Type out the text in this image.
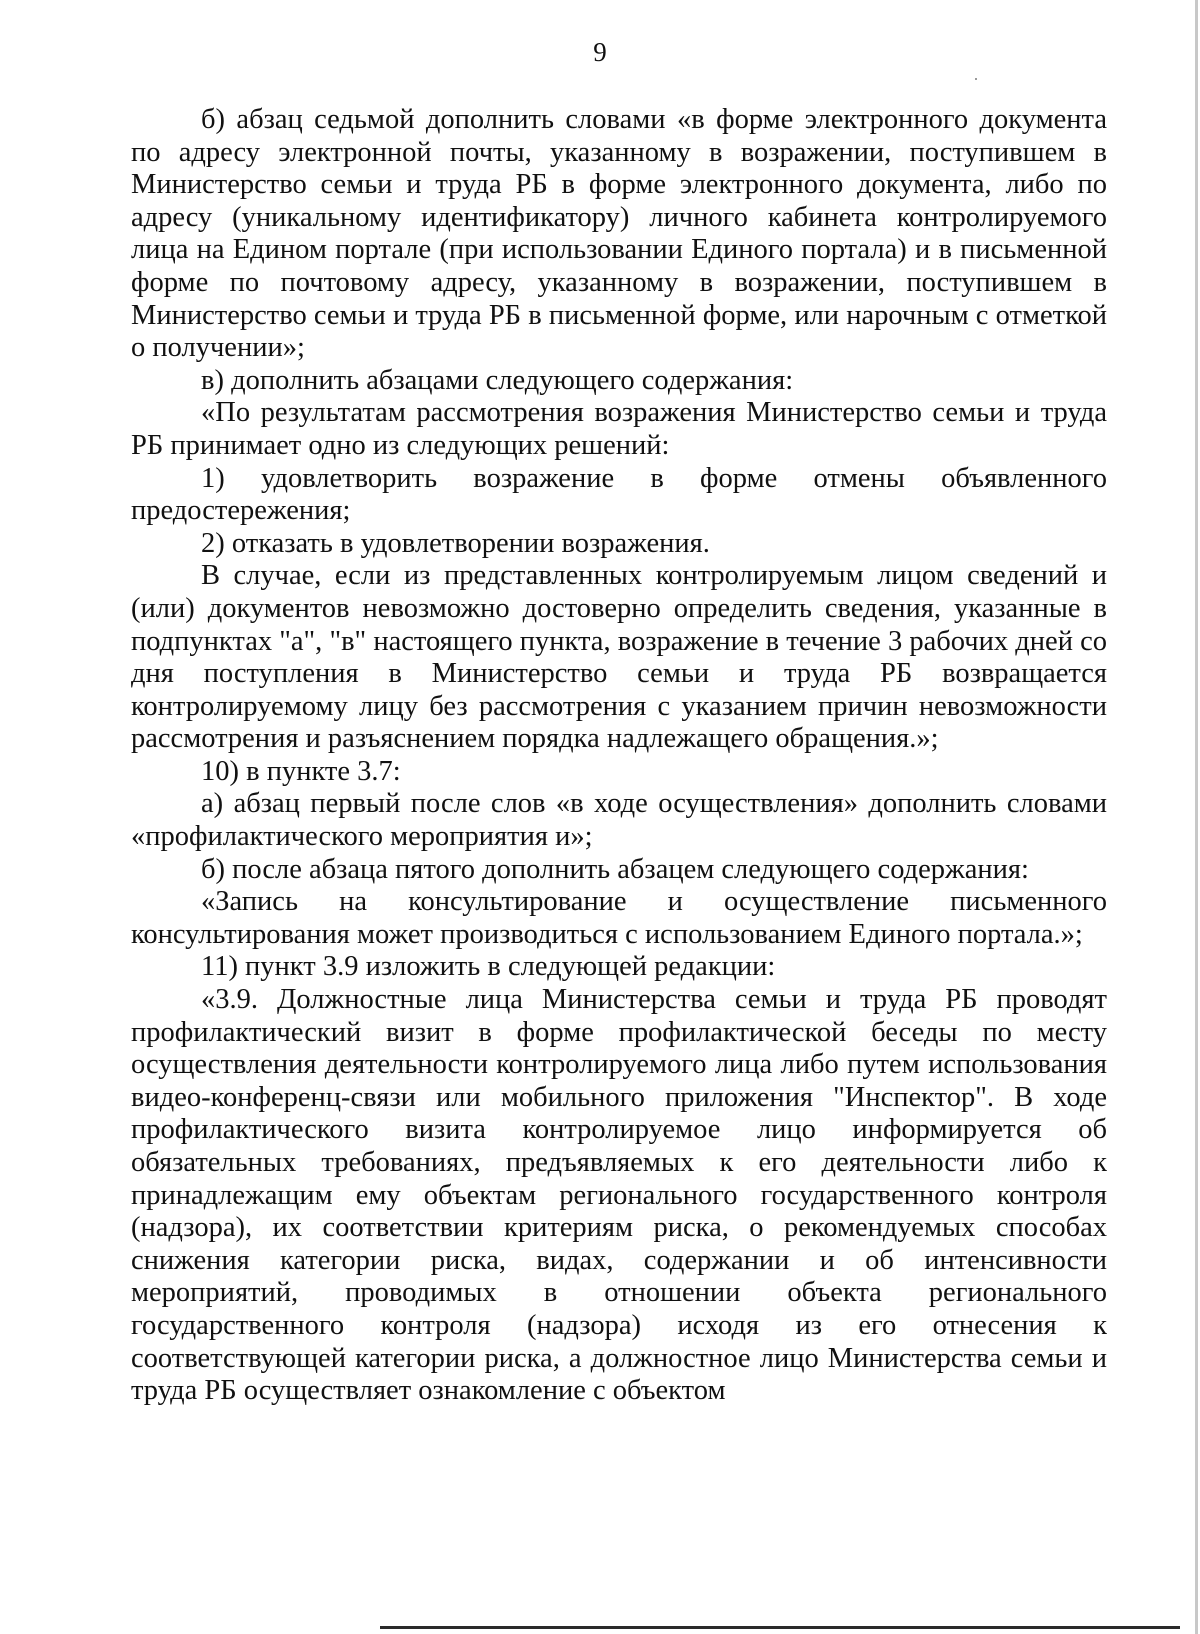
9

б) абзац седьмой дополнить словами «в форме электронного документа по адресу электронной почты, указанному в возражении, поступившем в Министерство семьи и труда РБ в форме электронного документа, либо по адресу (уникальному идентификатору) личного кабинета контролируемого лица на Едином портале (при использовании Единого портала) и в письменной форме по почтовому адресу, указанному в возражении, поступившем в Министерство семьи и труда РБ в письменной форме, или нарочным с отметкой о получении»;

в) дополнить абзацами следующего содержания:

«По результатам рассмотрения возражения Министерство семьи и труда РБ принимает одно из следующих решений:

1) удовлетворить возражение в форме отмены объявленного предостережения;

2) отказать в удовлетворении возражения.

В случае, если из представленных контролируемым лицом сведений и (или) документов невозможно достоверно определить сведения, указанные в подпунктах "а", "в" настоящего пункта, возражение в течение 3 рабочих дней со дня поступления в Министерство семьи и труда РБ возвращается контролируемому лицу без рассмотрения с указанием причин невозможности рассмотрения и разъяснением порядка надлежащего обращения.»;

10) в пункте 3.7:

а) абзац первый после слов «в ходе осуществления» дополнить словами «профилактического мероприятия и»;

б) после абзаца пятого дополнить абзацем следующего содержания:

«Запись на консультирование и осуществление письменного консультирования может производиться с использованием Единого портала.»;

11) пункт 3.9 изложить в следующей редакции:

«3.9. Должностные лица Министерства семьи и труда РБ проводят профилактический визит в форме профилактической беседы по месту осуществления деятельности контролируемого лица либо путем использования видео-конференц-связи или мобильного приложения "Инспектор". В ходе профилактического визита контролируемое лицо информируется об обязательных требованиях, предъявляемых к его деятельности либо к принадлежащим ему объектам регионального государственного контроля (надзора), их соответствии критериям риска, о рекомендуемых способах снижения категории риска, видах, содержании и об интенсивности мероприятий, проводимых в отношении объекта регионального государственного контроля (надзора) исходя из его отнесения к соответствующей категории риска, а должностное лицо Министерства семьи и труда РБ осуществляет ознакомление с объектом
